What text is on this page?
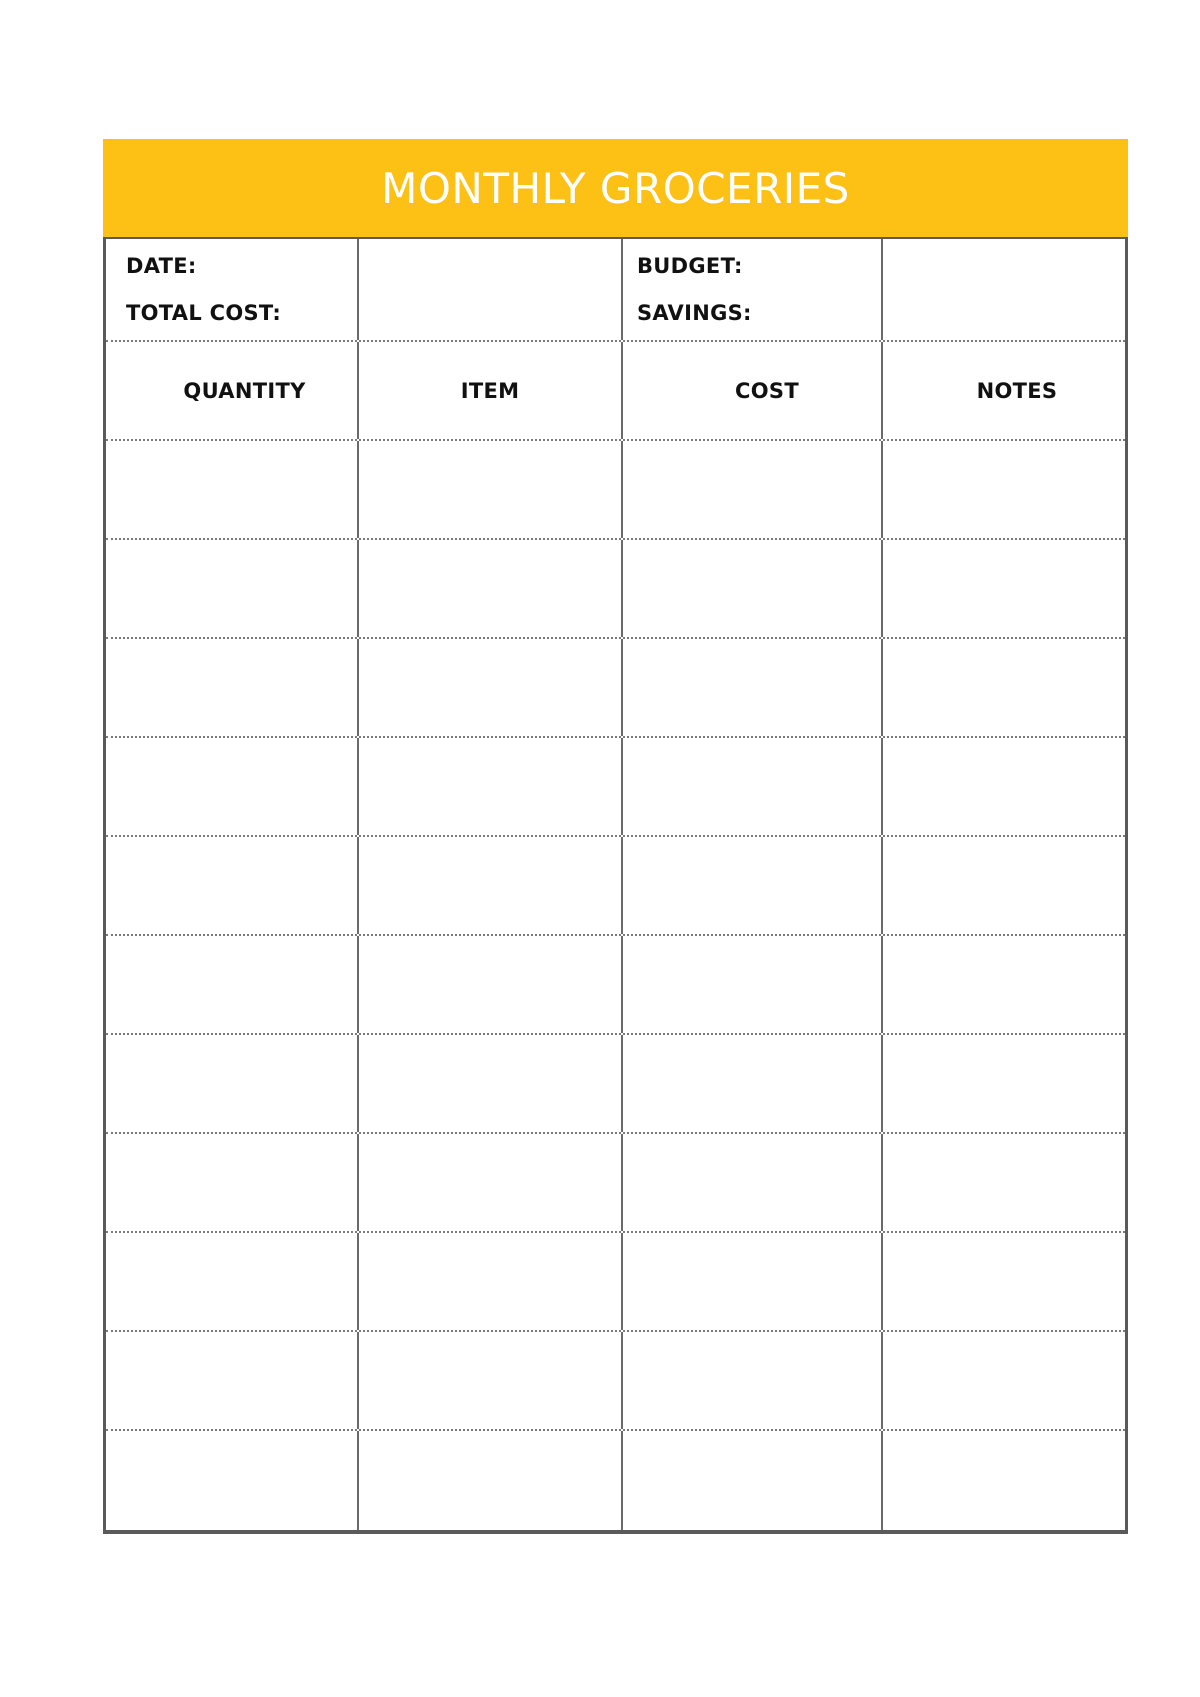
MONTHLY GROCERIES
DATE:
TOTAL COST:
BUDGET:
SAVINGS:
QUANTITY	ITEM	COST	NOTES
